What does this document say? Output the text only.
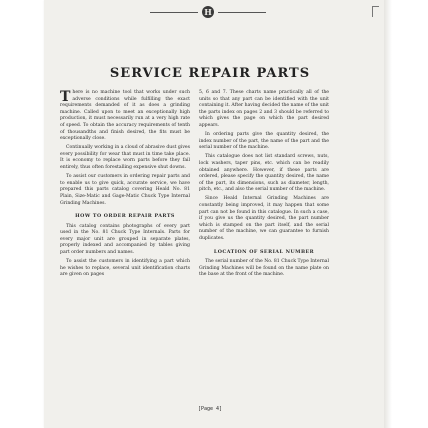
H
SERVICE REPAIR PARTS

There is no machine tool that works under such adverse conditions while fulfilling the exact requirements demanded of it as does a grinding machine. Called upon to meet an exceptionally high production, it must necessarily run at a very high rate of speed. To obtain the accuracy requirements of tenth of thousandths and finish desired, the fits must be exceptionally close.

Continually working in a cloud of abrasive dust gives every possibility for wear that must in time take place. It is economy to replace worn parts before they fail entirely, thus often forestalling expensive shut downs.

To assist our customers in ordering repair parts and to enable us to give quick, accurate service, we have prepared this parts catalog covering Heald No. 81 Plain, Size-Matic and Gage-Matic Chuck Type Internal Grinding Machines.

HOW TO ORDER REPAIR PARTS

This catalog contains photographs of every part used in the No. 81 Chuck Type Internals. Parts for every major unit are grouped in separate plates, properly indexed and accompanied by tables giving part order numbers and names.

To assist the customers in identifying a part which he wishes to replace, several unit identification charts are given on pages

5, 6 and 7. These charts name practically all of the units so that any part can be identified with the unit containing it. After having decided the name of the unit the parts index on pages 2 and 3 should be referred to which gives the page on which the part desired appears.

In ordering parts give the quantity desired, the index number of the part, the name of the part and the serial number of the machine.

This catalogue does not list standard screws, nuts, lock washers, taper pins, etc. which can be readily obtained anywhere. However, if these parts are ordered, please specify the quantity desired, the name of the part, its dimensions, such as diameter, length, pitch, etc., and also the serial number of the machine.

Since Heald Internal Grinding Machines are constantly being improved, it may happen that some part can not be found in this catalogue. In such a case, if you give us the quantity desired, the part number which is stamped on the part itself, and the serial number of the machine, we can guarantee to furnish duplicates.

LOCATION OF SERIAL NUMBER

The serial number of the No. 81 Chuck Type Internal Grinding Machines will be found on the name plate on the base at the front of the machine.

[Page 4]
